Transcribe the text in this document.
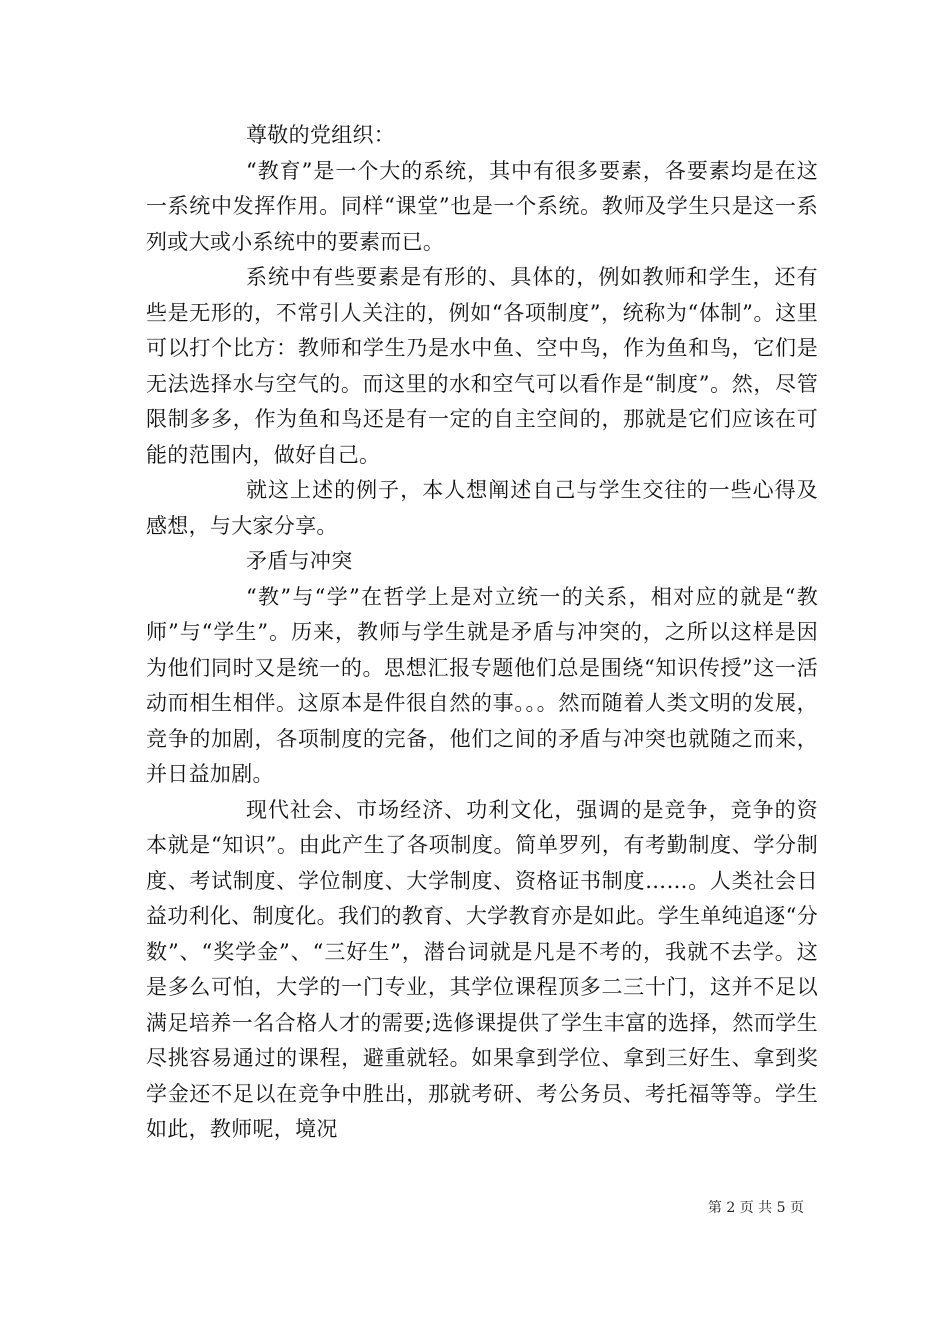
尊敬的党组织：

“教育”是一个大的系统，其中有很多要素，各要素均是在这一系统中发挥作用。同样“课堂”也是一个系统。教师及学生只是这一系列或大或小系统中的要素而已。

系统中有些要素是有形的、具体的，例如教师和学生，还有些是无形的，不常引人关注的，例如“各项制度”，统称为“体制”。这里可以打个比方：教师和学生乃是水中鱼、空中鸟，作为鱼和鸟，它们是无法选择水与空气的。而这里的水和空气可以看作是“制度”。然，尽管限制多多，作为鱼和鸟还是有一定的自主空间的，那就是它们应该在可能的范围内，做好自己。

就这上述的例子，本人想阐述自己与学生交往的一些心得及感想，与大家分享。

矛盾与冲突

“教”与“学”在哲学上是对立统一的关系，相对应的就是“教师”与“学生”。历来，教师与学生就是矛盾与冲突的，之所以这样是因为他们同时又是统一的。思想汇报专题他们总是围绕“知识传授”这一活动而相生相伴。这原本是件很自然的事。。。然而随着人类文明的发展，竞争的加剧，各项制度的完备，他们之间的矛盾与冲突也就随之而来，并日益加剧。

现代社会、市场经济、功利文化，强调的是竞争，竞争的资本就是“知识”。由此产生了各项制度。简单罗列，有考勤制度、学分制度、考试制度、学位制度、大学制度、资格证书制度……。人类社会日益功利化、制度化。我们的教育、大学教育亦是如此。学生单纯追逐“分数”、“奖学金”、“三好生”，潜台词就是凡是不考的，我就不去学。这是多么可怕，大学的一门专业，其学位课程顶多二三十门，这并不足以满足培养一名合格人才的需要;选修课提供了学生丰富的选择，然而学生尽挑容易通过的课程，避重就轻。如果拿到学位、拿到三好生、拿到奖学金还不足以在竞争中胜出，那就考研、考公务员、考托福等等。学生如此，教师呢，境况

第 2 页 共 5 页
